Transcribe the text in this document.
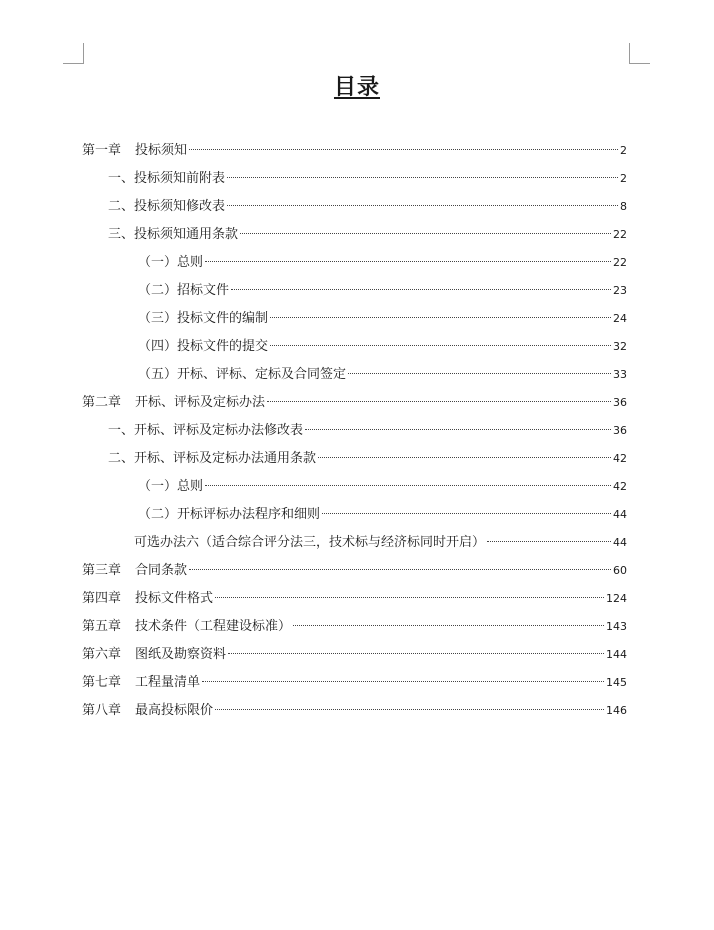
目录
第一章 投标须知	2
一、投标须知前附表	2
二、投标须知修改表	8
三、投标须知通用条款	22
（一）总则	22
（二）招标文件	23
（三）投标文件的编制	24
（四）投标文件的提交	32
（五）开标、评标、定标及合同签定	33
第二章 开标、评标及定标办法	36
一、开标、评标及定标办法修改表	36
二、开标、评标及定标办法通用条款	42
（一）总则	42
（二）开标评标办法程序和细则	44
可选办法六（适合综合评分法三，技术标与经济标同时开启）	44
第三章 合同条款	60
第四章 投标文件格式	124
第五章 技术条件（工程建设标准）	143
第六章 图纸及勘察资料	144
第七章 工程量清单	145
第八章 最高投标限价	146
